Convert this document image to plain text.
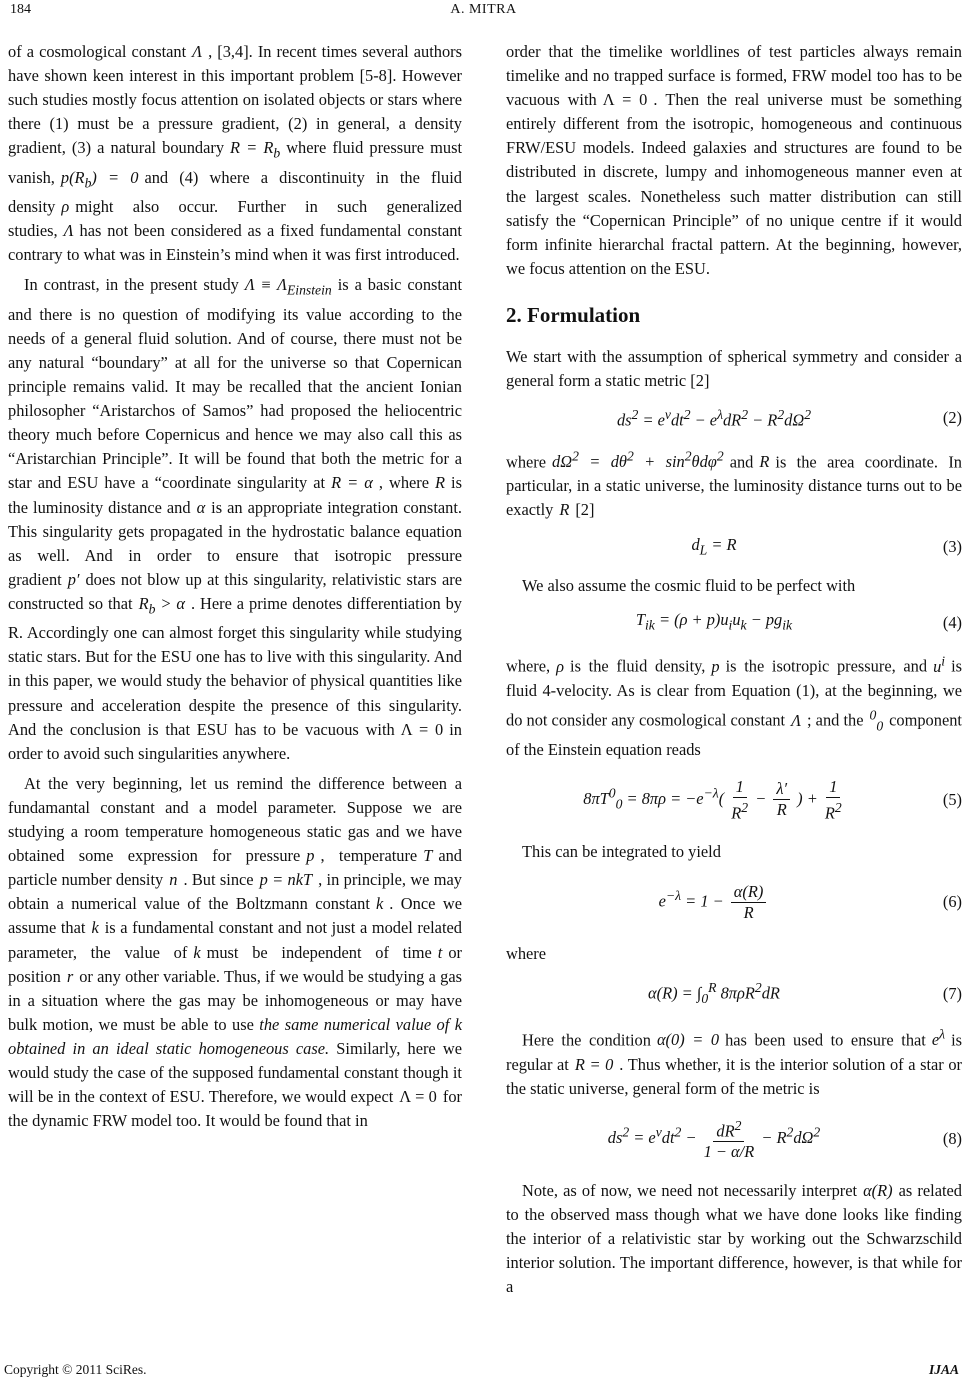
184	A. MITRA

of a cosmological constant Λ , [3,4]. In recent times several authors have shown keen interest in this important problem [5-8]. However such studies mostly focus attention on isolated objects or stars where there (1) must be a pressure gradient, (2) in general, a density gradient, (3) a natural boundary $R = R_b$ where fluid pressure must vanish, $p(R_b) = 0$ and (4) where a discontinuity in the fluid density ρ might also occur. Further in such generalized studies, Λ has not been considered as a fixed fundamental constant contrary to what was in Einstein’s mind when it was first introduced.

In contrast, in the present study $\Lambda \equiv \Lambda_{Einstein}$ is a basic constant and there is no question of modifying its value according to the needs of a general fluid solution. And of course, there must not be any natural “boundary” at all for the universe so that Copernican principle remains valid. It may be recalled that the ancient Ionian philosopher “Aristarchos of Samos” had proposed the heliocentric theory much before Copernicus and hence we may also call this as “Aristarchian Principle”. It will be found that both the metric for a star and ESU have a “coordinate singularity at R = α , where R is the luminosity distance and α is an appropriate integration constant. This singularity gets propagated in the hydrostatic balance equation as well. And in order to ensure that isotropic pressure gradient p′ does not blow up at this singularity, relativistic stars are constructed so that $R_b > \alpha$ . Here a prime denotes differentiation by R. Accordingly one can almost forget this singularity while studying static stars. But for the ESU one has to live with this singularity. And in this paper, we would study the behavior of physical quantities like pressure and acceleration despite the presence of this singularity. And the conclusion is that ESU has to be vacuous with Λ = 0 in order to avoid such singularities anywhere.

At the very beginning, let us remind the difference between a fundamantal constant and a model parameter. Suppose we are studying a room temperature homogeneous static gas and we have obtained some expression for pressure p , temperature T and particle number density n . But since p = nkT , in principle, we may obtain a numerical value of the Boltzmann constant k . Once we assume that k is a fundamental constant and not just a model related parameter, the value of k must be independent of time t or position r or any other variable. Thus, if we would be studying a gas in a situation where the gas may be inhomogeneous or may have bulk motion, we must be able to use the same numerical value of k obtained in an ideal static homogeneous case. Similarly, here we would study the case of the supposed fundamental constant though it will be in the context of ESU. Therefore, we would expect Λ = 0 for the dynamic FRW model too. It would be found that in

order that the timelike worldlines of test particles always remain timelike and no trapped surface is formed, FRW model too has to be vacuous with Λ = 0 . Then the real universe must be something entirely different from the isotropic, homogeneous and continuous FRW/ESU models. Indeed galaxies and structures are found to be distributed in discrete, lumpy and inhomogeneous manner even at the largest scales. Nonetheless such matter distribution can still satisfy the “Copernican Principle” of no unique centre if it would form infinite hierarchal fractal pattern. At the beginning, however, we focus attention on the ESU.

2. Formulation

We start with the assumption of spherical symmetry and consider a general form a static metric [2]

$ds^2 = e^\nu dt^2 - e^\lambda dR^2 - R^2d\Omega^2$	(2)

where $d\Omega^2 = d\theta^2 + \sin^2\theta d\varphi^2$ and R is the area coordinate. In particular, in a static universe, the luminosity distance turns out to be exactly R [2]

$d_L = R$	(3)

We also assume the cosmic fluid to be perfect with

$T_{ik} = (\rho + p)u_iu_k - pg_{ik}$	(4)

where, ρ is the fluid density, p is the isotropic pressure, and $u^i$ is fluid 4-velocity. As is clear from Equation (1), at the beginning, we do not consider any cosmological constant Λ ; and the $^0_0$ component of the Einstein equation reads

$8\pi T^0_0 = 8\pi\rho = -e^{-\lambda}( \frac{1}{R^2} - \frac{\lambda'}{R}$ ) + $\frac{1}{R^2}$	(5)

This can be integrated to yield

$e^{-\lambda} = 1 - \frac{\alpha(R)}{R}$	(6)

where

$\alpha(R) = \int_0^R$ 8πρR$^2$dR	(7)

Here the condition α(0) = 0 has been used to ensure that $e^\lambda$ is regular at R = 0 . Thus whether, it is the interior solution of a star or the static universe, general form of the metric is

$ds^2 = e^\nu dt^2 - \frac{dR^2}{1 - \alpha/R} - R^2d\Omega^2$	(8)

Note, as of now, we need not necessarily interpret α(R) as related to the observed mass though what we have done looks like finding the interior of a relativistic star by working out the Schwarzschild interior solution. The important difference, however, is that while for a

Copyright © 2011 SciRes.	IJAA
